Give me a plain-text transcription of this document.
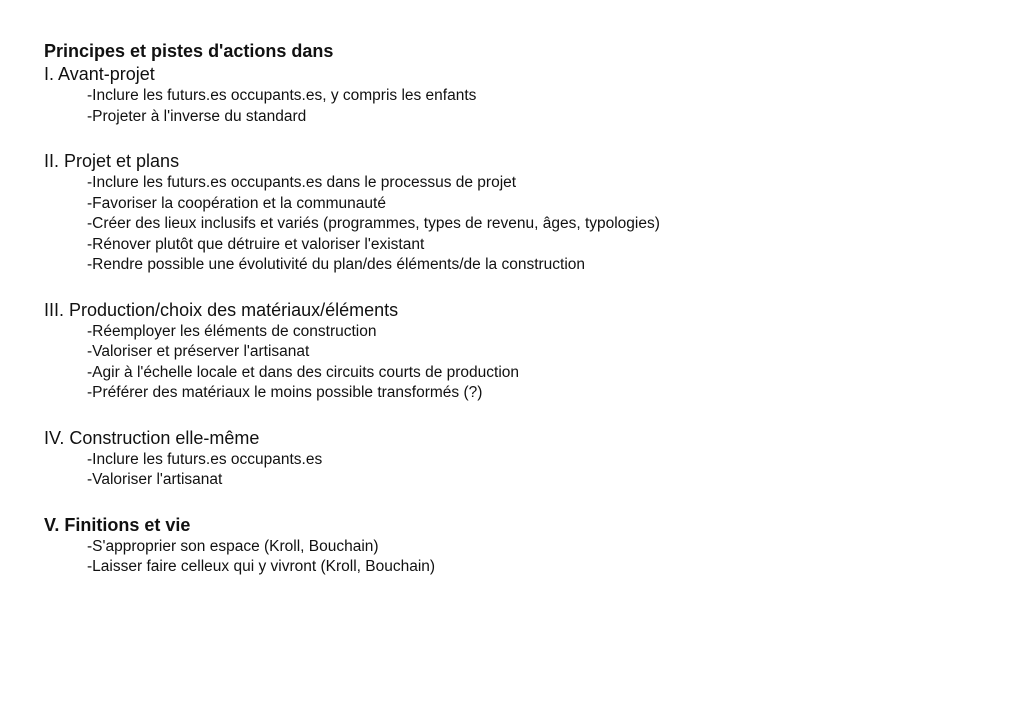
Principes et pistes d'actions dans

I. Avant-projet

- Inclure les futurs.es occupants.es, y compris les enfants
- Projeter à l'inverse du standard

II. Projet et plans

- Inclure les futurs.es occupants.es dans le processus de projet
- Favoriser la coopération et la communauté
- Créer des lieux inclusifs et variés (programmes, types de revenu, âges, typologies)
- Rénover plutôt que détruire et valoriser l'existant
- Rendre possible une évolutivité du plan/des éléments/de la construction

III. Production/choix des matériaux/éléments

- Réemployer les éléments de construction
- Valoriser et préserver l'artisanat
- Agir à l'échelle locale et dans des circuits courts de production
- Préférer des matériaux le moins possible transformés (?)

IV. Construction elle-même

- Inclure les futurs.es occupants.es
- Valoriser l'artisanat

V. Finitions et vie

- S'approprier son espace (Kroll, Bouchain)
- Laisser faire celleux qui y vivront (Kroll, Bouchain)
